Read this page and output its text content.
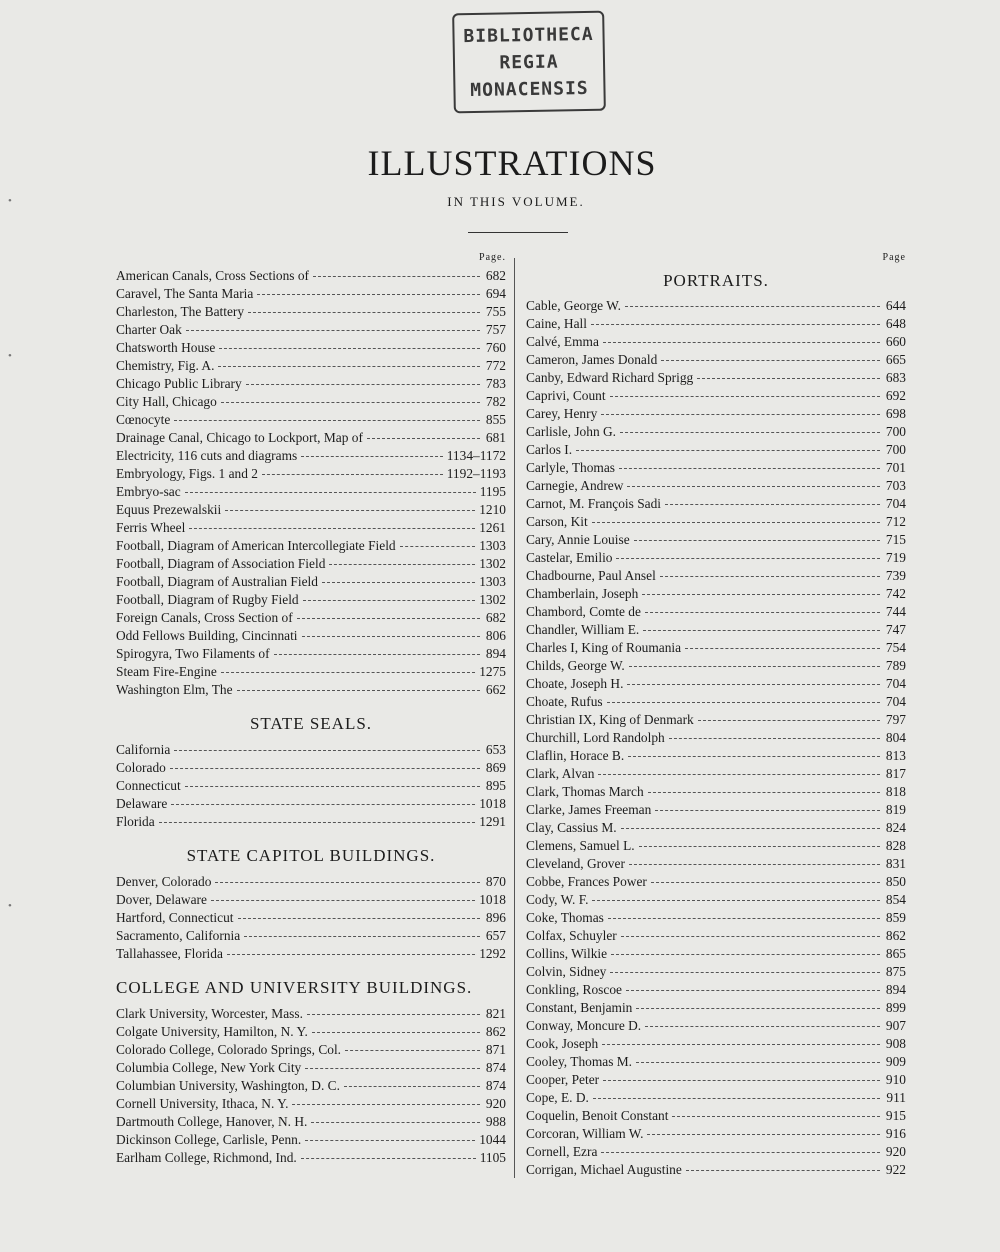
BIBLIOTHECA
REGIA
MONACENSIS
ILLUSTRATIONS
IN THIS VOLUME.
Page.
American Canals, Cross Sections of	682
Caravel, The Santa Maria	694
Charleston, The Battery	755
Charter Oak	757
Chatsworth House	760
Chemistry, Fig. A.	772
Chicago Public Library	783
City Hall, Chicago	782
Cœnocyte	855
Drainage Canal, Chicago to Lockport, Map of	681
Electricity, 116 cuts and diagrams	1134–1172
Embryology, Figs. 1 and 2	1192–1193
Embryo-sac	1195
Equus Prezewalskii	1210
Ferris Wheel	1261
Football, Diagram of American Intercollegiate Field	1303
Football, Diagram of Association Field	1302
Football, Diagram of Australian Field	1303
Football, Diagram of Rugby Field	1302
Foreign Canals, Cross Section of	682
Odd Fellows Building, Cincinnati	806
Spirogyra, Two Filaments of	894
Steam Fire-Engine	1275
Washington Elm, The	662
STATE SEALS.
California	653
Colorado	869
Connecticut	895
Delaware	1018
Florida	1291
STATE CAPITOL BUILDINGS.
Denver, Colorado	870
Dover, Delaware	1018
Hartford, Connecticut	896
Sacramento, California	657
Tallahassee, Florida	1292
COLLEGE AND UNIVERSITY BUILDINGS.
Clark University, Worcester, Mass.	821
Colgate University, Hamilton, N. Y.	862
Colorado College, Colorado Springs, Col.	871
Columbia College, New York City	874
Columbian University, Washington, D. C.	874
Cornell University, Ithaca, N. Y.	920
Dartmouth College, Hanover, N. H.	988
Dickinson College, Carlisle, Penn.	1044
Earlham College, Richmond, Ind.	1105
Page
PORTRAITS.
Cable, George W.	644
Caine, Hall	648
Calvé, Emma	660
Cameron, James Donald	665
Canby, Edward Richard Sprigg	683
Caprivi, Count	692
Carey, Henry	698
Carlisle, John G.	700
Carlos I.	700
Carlyle, Thomas	701
Carnegie, Andrew	703
Carnot, M. François Sadi	704
Carson, Kit	712
Cary, Annie Louise	715
Castelar, Emilio	719
Chadbourne, Paul Ansel	739
Chamberlain, Joseph	742
Chambord, Comte de	744
Chandler, William E.	747
Charles I, King of Roumania	754
Childs, George W.	789
Choate, Joseph H.	704
Choate, Rufus	704
Christian IX, King of Denmark	797
Churchill, Lord Randolph	804
Claflin, Horace B.	813
Clark, Alvan	817
Clark, Thomas March	818
Clarke, James Freeman	819
Clay, Cassius M.	824
Clemens, Samuel L.	828
Cleveland, Grover	831
Cobbe, Frances Power	850
Cody, W. F.	854
Coke, Thomas	859
Colfax, Schuyler	862
Collins, Wilkie	865
Colvin, Sidney	875
Conkling, Roscoe	894
Constant, Benjamin	899
Conway, Moncure D.	907
Cook, Joseph	908
Cooley, Thomas M.	909
Cooper, Peter	910
Cope, E. D.	911
Coquelin, Benoit Constant	915
Corcoran, William W.	916
Cornell, Ezra	920
Corrigan, Michael Augustine	922
•
•
•
